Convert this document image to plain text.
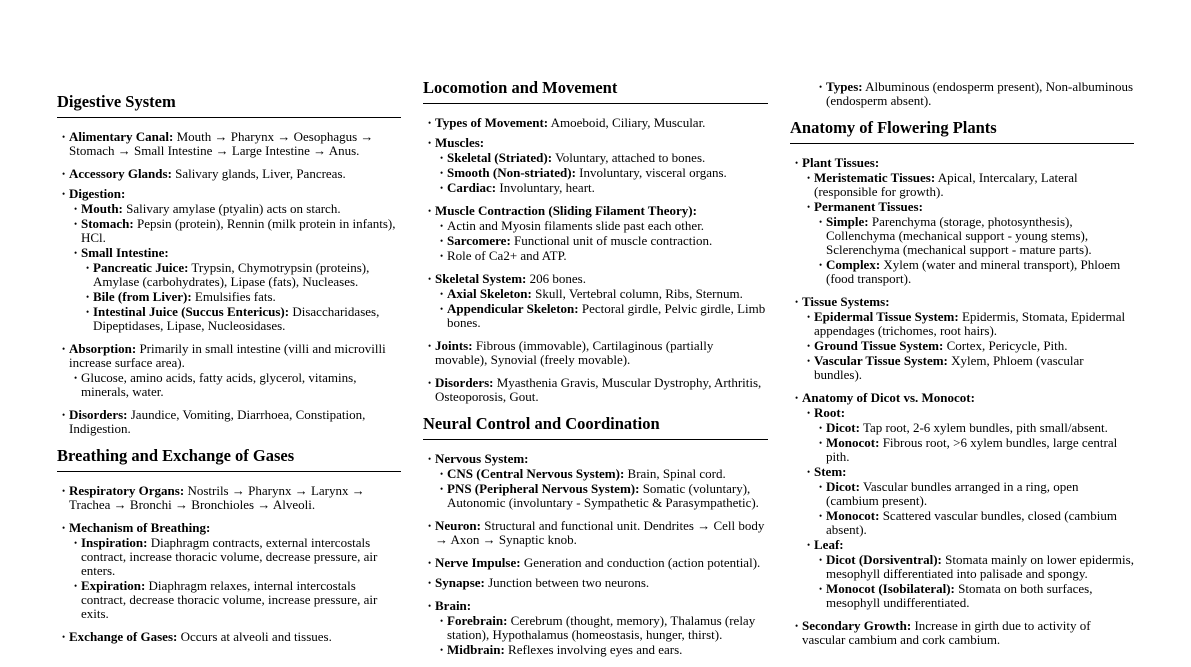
Digestive System
• Alimentary Canal: Mouth → Pharynx → Oesophagus → Stomach → Small Intestine → Large Intestine → Anus.
• Accessory Glands: Salivary glands, Liver, Pancreas.
• Digestion:
• Mouth: Salivary amylase (ptyalin) acts on starch.
• Stomach: Pepsin (protein), Rennin (milk protein in infants), HCl.
• Small Intestine:
• Pancreatic Juice: Trypsin, Chymotrypsin (proteins), Amylase (carbohydrates), Lipase (fats), Nucleases.
• Bile (from Liver): Emulsifies fats.
• Intestinal Juice (Succus Entericus): Disaccharidases, Dipeptidases, Lipase, Nucleosidases.
• Absorption: Primarily in small intestine (villi and microvilli increase surface area).
• Glucose, amino acids, fatty acids, glycerol, vitamins, minerals, water.
• Disorders: Jaundice, Vomiting, Diarrhoea, Constipation, Indigestion.
Breathing and Exchange of Gases
• Respiratory Organs: Nostrils → Pharynx → Larynx → Trachea → Bronchi → Bronchioles → Alveoli.
• Mechanism of Breathing:
• Inspiration: Diaphragm contracts, external intercostals contract, increase thoracic volume, decrease pressure, air enters.
• Expiration: Diaphragm relaxes, internal intercostals contract, decrease thoracic volume, increase pressure, air exits.
• Exchange of Gases: Occurs at alveoli and tissues.
Locomotion and Movement
• Types of Movement: Amoeboid, Ciliary, Muscular.
• Muscles:
• Skeletal (Striated): Voluntary, attached to bones.
• Smooth (Non-striated): Involuntary, visceral organs.
• Cardiac: Involuntary, heart.
• Muscle Contraction (Sliding Filament Theory):
• Actin and Myosin filaments slide past each other.
• Sarcomere: Functional unit of muscle contraction.
• Role of Ca2+ and ATP.
• Skeletal System: 206 bones.
• Axial Skeleton: Skull, Vertebral column, Ribs, Sternum.
• Appendicular Skeleton: Pectoral girdle, Pelvic girdle, Limb bones.
• Joints: Fibrous (immovable), Cartilaginous (partially movable), Synovial (freely movable).
• Disorders: Myasthenia Gravis, Muscular Dystrophy, Arthritis, Osteoporosis, Gout.
Neural Control and Coordination
• Nervous System:
• CNS (Central Nervous System): Brain, Spinal cord.
• PNS (Peripheral Nervous System): Somatic (voluntary), Autonomic (involuntary - Sympathetic & Parasympathetic).
• Neuron: Structural and functional unit. Dendrites → Cell body → Axon → Synaptic knob.
• Nerve Impulse: Generation and conduction (action potential).
• Synapse: Junction between two neurons.
• Brain:
• Forebrain: Cerebrum (thought, memory), Thalamus (relay station), Hypothalamus (homeostasis, hunger, thirst).
• Midbrain: Reflexes involving eyes and ears.
• Types: Albuminous (endosperm present), Non-albuminous (endosperm absent).
Anatomy of Flowering Plants
• Plant Tissues:
• Meristematic Tissues: Apical, Intercalary, Lateral (responsible for growth).
• Permanent Tissues:
• Simple: Parenchyma (storage, photosynthesis), Collenchyma (mechanical support - young stems), Sclerenchyma (mechanical support - mature parts).
• Complex: Xylem (water and mineral transport), Phloem (food transport).
• Tissue Systems:
• Epidermal Tissue System: Epidermis, Stomata, Epidermal appendages (trichomes, root hairs).
• Ground Tissue System: Cortex, Pericycle, Pith.
• Vascular Tissue System: Xylem, Phloem (vascular bundles).
• Anatomy of Dicot vs. Monocot:
• Root:
• Dicot: Tap root, 2-6 xylem bundles, pith small/absent.
• Monocot: Fibrous root, >6 xylem bundles, large central pith.
• Stem:
• Dicot: Vascular bundles arranged in a ring, open (cambium present).
• Monocot: Scattered vascular bundles, closed (cambium absent).
• Leaf:
• Dicot (Dorsiventral): Stomata mainly on lower epidermis, mesophyll differentiated into palisade and spongy.
• Monocot (Isobilateral): Stomata on both surfaces, mesophyll undifferentiated.
• Secondary Growth: Increase in girth due to activity of vascular cambium and cork cambium.
